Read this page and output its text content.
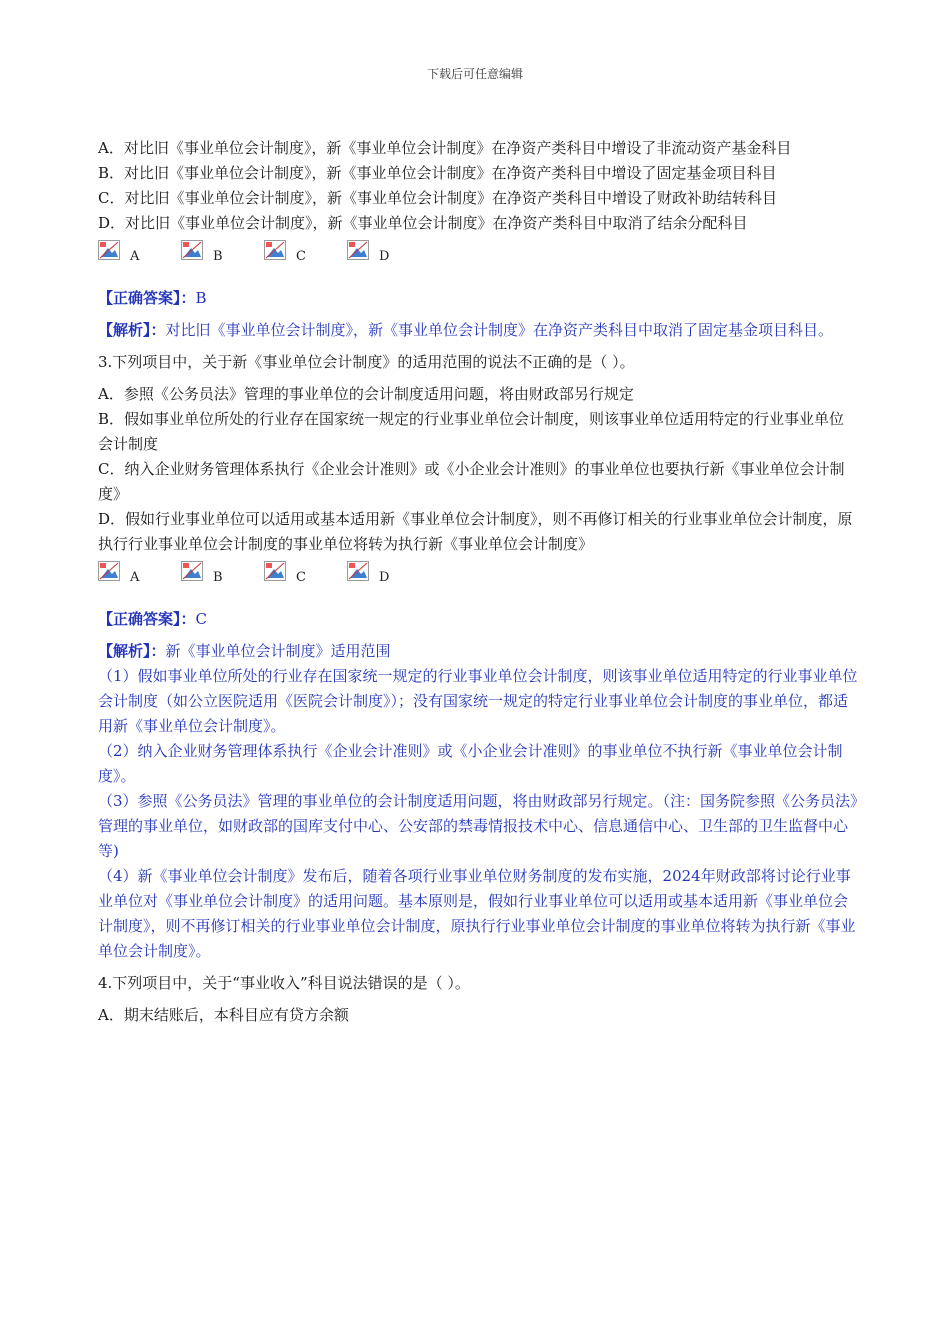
下载后可任意编辑

A．对比旧《事业单位会计制度》，新《事业单位会计制度》在净资产类科目中增设了非流动资产基金科目

B．对比旧《事业单位会计制度》，新《事业单位会计制度》在净资产类科目中增设了固定基金项目科目

C．对比旧《事业单位会计制度》，新《事业单位会计制度》在净资产类科目中增设了财政补助结转科目

D．对比旧《事业单位会计制度》，新《事业单位会计制度》在净资产类科目中取消了结余分配科目

A	B	C	D

【正确答案】：B

【解析】：对比旧《事业单位会计制度》，新《事业单位会计制度》在净资产类科目中取消了固定基金项目科目。

3.下列项目中，关于新《事业单位会计制度》的适用范围的说法不正确的是（ ）。

A．参照《公务员法》管理的事业单位的会计制度适用问题，将由财政部另行规定

B．假如事业单位所处的行业存在国家统一规定的行业事业单位会计制度，则该事业单位适用特定的行业事业单位会计制度

C．纳入企业财务管理体系执行《企业会计准则》或《小企业会计准则》的事业单位也要执行新《事业单位会计制度》

D．假如行业事业单位可以适用或基本适用新《事业单位会计制度》，则不再修订相关的行业事业单位会计制度，原执行行业事业单位会计制度的事业单位将转为执行新《事业单位会计制度》

A	B	C	D

【正确答案】：C

【解析】：新《事业单位会计制度》适用范围

（1）假如事业单位所处的行业存在国家统一规定的行业事业单位会计制度，则该事业单位适用特定的行业事业单位会计制度（如公立医院适用《医院会计制度》）；没有国家统一规定的特定行业事业单位会计制度的事业单位，都适用新《事业单位会计制度》。

（2）纳入企业财务管理体系执行《企业会计准则》或《小企业会计准则》的事业单位不执行新《事业单位会计制度》。

（3）参照《公务员法》管理的事业单位的会计制度适用问题，将由财政部另行规定。（注：国务院参照《公务员法》管理的事业单位，如财政部的国库支付中心、公安部的禁毒情报技术中心、信息通信中心、卫生部的卫生监督中心等)

（4）新《事业单位会计制度》发布后，随着各项行业事业单位财务制度的发布实施，2024年财政部将讨论行业事业单位对《事业单位会计制度》的适用问题。基本原则是，假如行业事业单位可以适用或基本适用新《事业单位会计制度》，则不再修订相关的行业事业单位会计制度，原执行行业事业单位会计制度的事业单位将转为执行新《事业单位会计制度》。

4.下列项目中，关于“事业收入”科目说法错误的是（ ）。

A．期末结账后，本科目应有贷方余额
